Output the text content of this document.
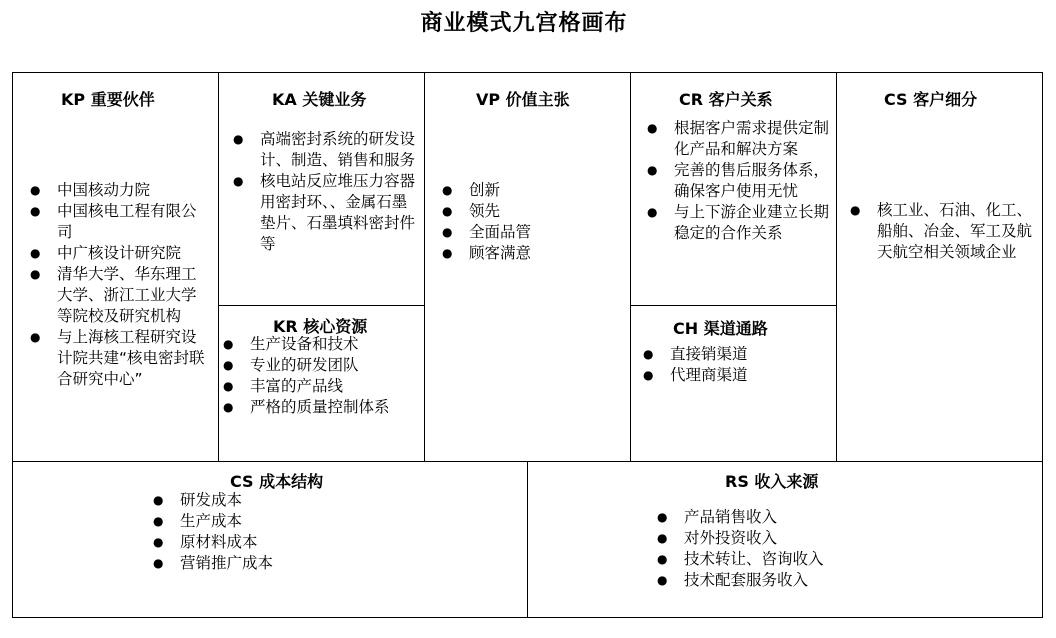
商业模式九宫格画布
KP 重要伙伴
● 中国核动力院
● 中国核电工程有限公司
● 中广核设计研究院
● 清华大学、华东理工大学、浙江工业大学等院校及研究机构
● 与上海核工程研究设计院共建“核电密封联合研究中心”
KA 关键业务
● 高端密封系统的研发设计、制造、销售和服务
● 核电站反应堆压力容器用密封环、、金属石墨垫片、石墨填料密封件等
KR 核心资源
● 生产设备和技术
● 专业的研发团队
● 丰富的产品线
● 严格的质量控制体系
VP 价值主张
● 创新
● 领先
● 全面品管
● 顾客满意
CR 客户关系
● 根据客户需求提供定制化产品和解决方案
● 完善的售后服务体系，确保客户使用无忧
● 与上下游企业建立长期稳定的合作关系
CH 渠道通路
● 直接销渠道
● 代理商渠道
CS 客户细分
● 核工业、石油、化工、船舶、冶金、军工及航天航空相关领域企业
CS 成本结构
● 研发成本
● 生产成本
● 原材料成本
● 营销推广成本
RS 收入来源
● 产品销售收入
● 对外投资收入
● 技术转让、咨询收入
● 技术配套服务收入
